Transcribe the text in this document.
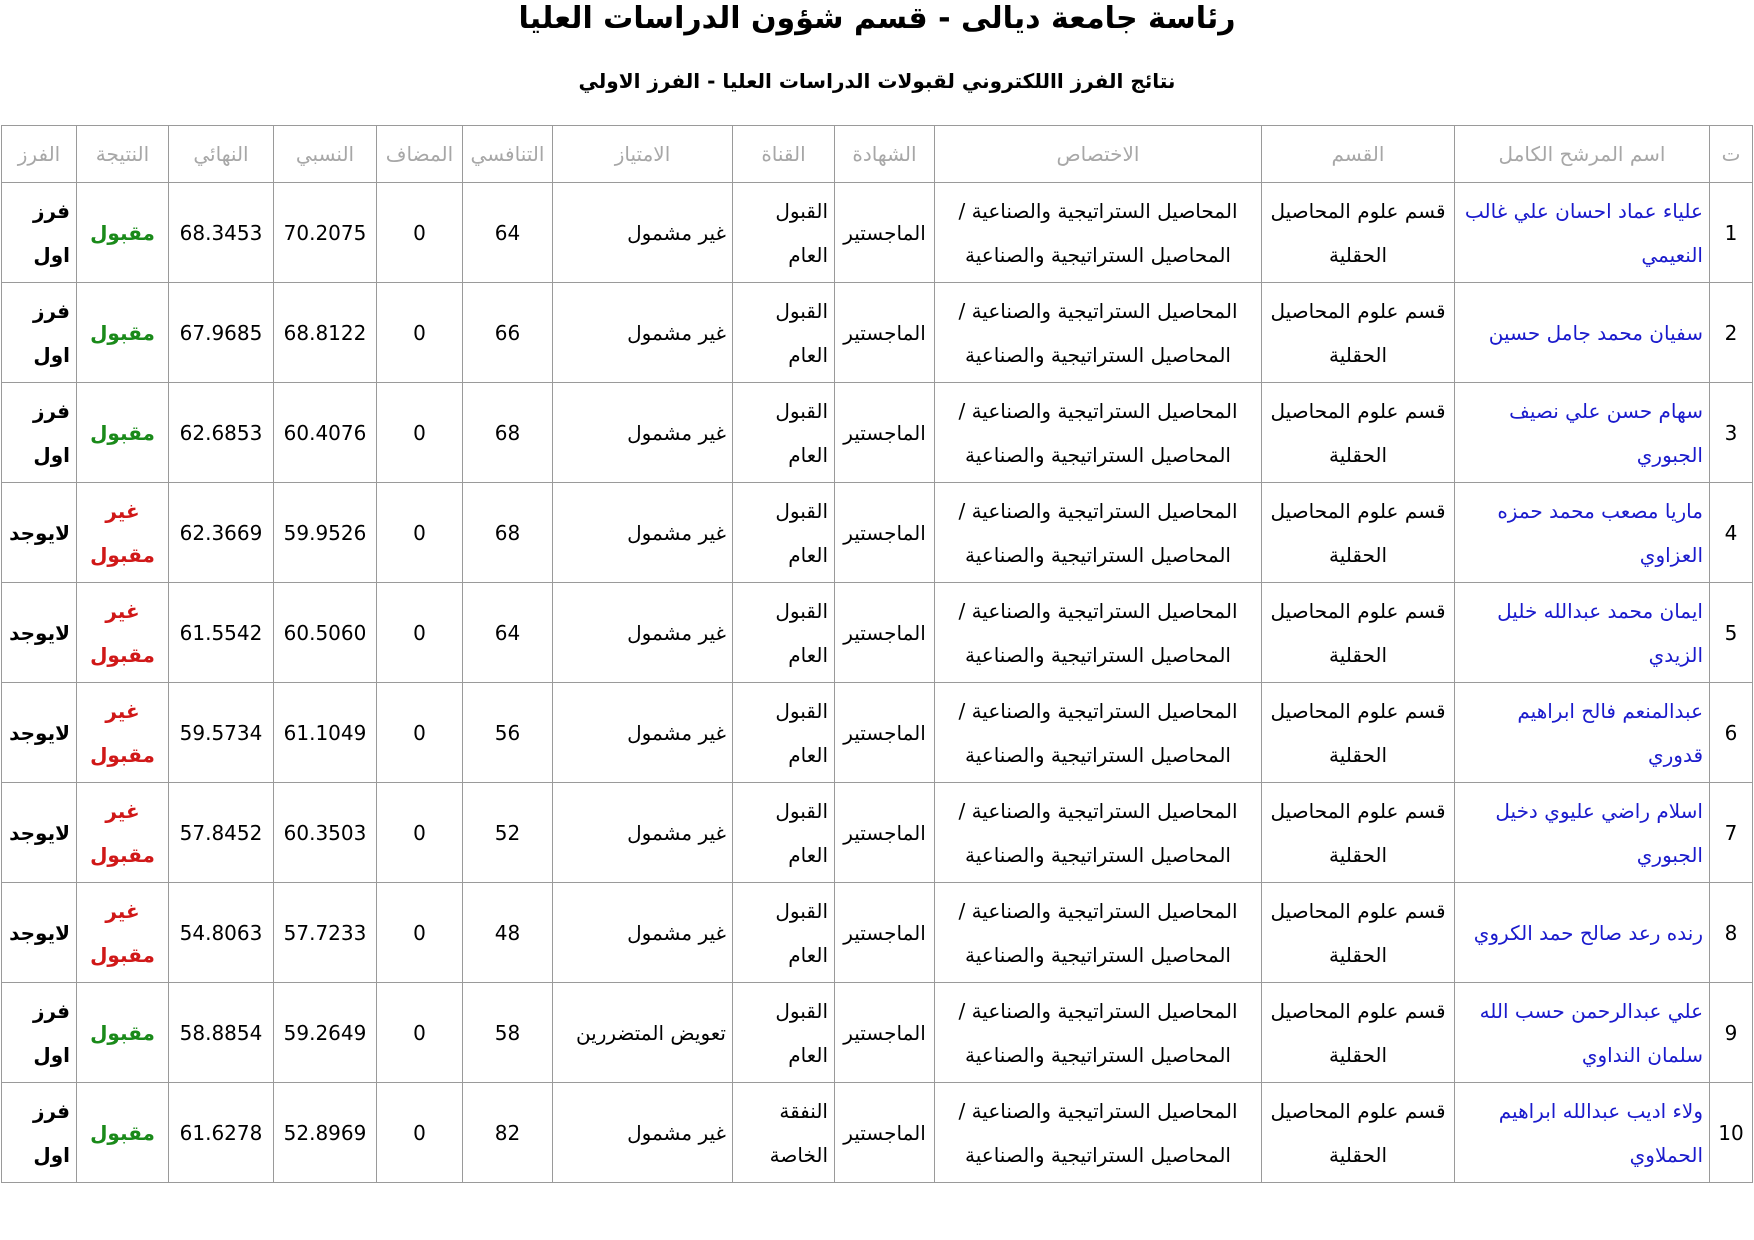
رئاسة جامعة ديالى - قسم شؤون الدراسات العليا
نتائج الفرز االلكتروني لقبولات الدراسات العليا - الفرز الاولي
ت	اسم المرشح الكامل	القسم	الاختصاص	الشهادة	القناة	الامتياز	التنافسي	المضاف	النسبي	النهائي	النتيجة	الفرز
1	علياء عماد احسان علي غالب النعيمي	قسم علوم المحاصيل الحقلية	المحاصيل الستراتيجية والصناعية / المحاصيل الستراتيجية والصناعية	الماجستير	القبول العام	غير مشمول	64	0	70.2075	68.3453	مقبول	فرز اول
2	سفيان محمد جامل حسين	قسم علوم المحاصيل الحقلية	المحاصيل الستراتيجية والصناعية / المحاصيل الستراتيجية والصناعية	الماجستير	القبول العام	غير مشمول	66	0	68.8122	67.9685	مقبول	فرز اول
3	سهام حسن علي نصيف الجبوري	قسم علوم المحاصيل الحقلية	المحاصيل الستراتيجية والصناعية / المحاصيل الستراتيجية والصناعية	الماجستير	القبول العام	غير مشمول	68	0	60.4076	62.6853	مقبول	فرز اول
4	ماريا مصعب محمد حمزه العزاوي	قسم علوم المحاصيل الحقلية	المحاصيل الستراتيجية والصناعية / المحاصيل الستراتيجية والصناعية	الماجستير	القبول العام	غير مشمول	68	0	59.9526	62.3669	غير مقبول	لايوجد
5	ايمان محمد عبدالله خليل الزيدي	قسم علوم المحاصيل الحقلية	المحاصيل الستراتيجية والصناعية / المحاصيل الستراتيجية والصناعية	الماجستير	القبول العام	غير مشمول	64	0	60.5060	61.5542	غير مقبول	لايوجد
6	عبدالمنعم فالح ابراهيم قدوري	قسم علوم المحاصيل الحقلية	المحاصيل الستراتيجية والصناعية / المحاصيل الستراتيجية والصناعية	الماجستير	القبول العام	غير مشمول	56	0	61.1049	59.5734	غير مقبول	لايوجد
7	اسلام راضي عليوي دخيل الجبوري	قسم علوم المحاصيل الحقلية	المحاصيل الستراتيجية والصناعية / المحاصيل الستراتيجية والصناعية	الماجستير	القبول العام	غير مشمول	52	0	60.3503	57.8452	غير مقبول	لايوجد
8	رنده رعد صالح حمد الكروي	قسم علوم المحاصيل الحقلية	المحاصيل الستراتيجية والصناعية / المحاصيل الستراتيجية والصناعية	الماجستير	القبول العام	غير مشمول	48	0	57.7233	54.8063	غير مقبول	لايوجد
9	علي عبدالرحمن حسب الله سلمان النداوي	قسم علوم المحاصيل الحقلية	المحاصيل الستراتيجية والصناعية / المحاصيل الستراتيجية والصناعية	الماجستير	القبول العام	تعويض المتضررين	58	0	59.2649	58.8854	مقبول	فرز اول
10	ولاء اديب عبدالله ابراهيم الحملاوي	قسم علوم المحاصيل الحقلية	المحاصيل الستراتيجية والصناعية / المحاصيل الستراتيجية والصناعية	الماجستير	النفقة الخاصة	غير مشمول	82	0	52.8969	61.6278	مقبول	فرز اول
